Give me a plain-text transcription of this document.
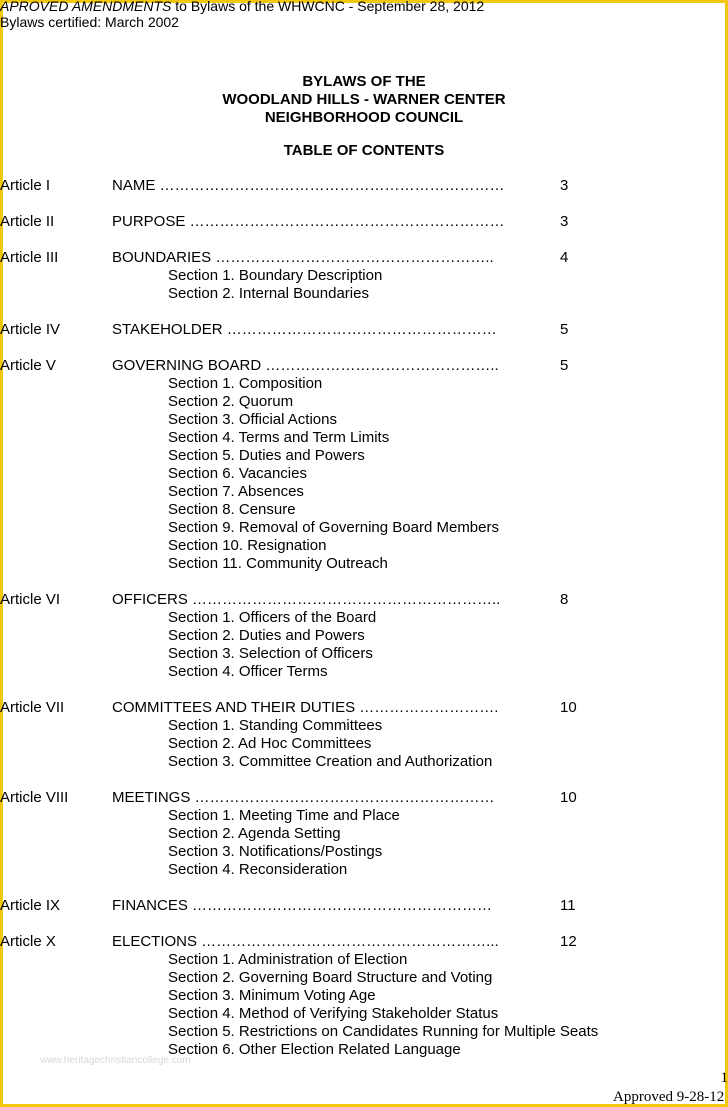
APROVED AMENDMENTS to Bylaws of the WHWCNC - September 28, 2012
Bylaws certified: March 2002
BYLAWS OF THE
WOODLAND HILLS - WARNER CENTER
NEIGHBORHOOD COUNCIL
TABLE OF CONTENTS
Article I	NAME ……………………………………………………………	3
Article II	PURPOSE ………………………………………………………	3
Article III	BOUNDARIES ………………………………………………..	4
Section 1. Boundary Description
Section 2. Internal Boundaries
Article IV	STAKEHOLDER ………………………………………………	5
Article V	GOVERNING BOARD ………………………………………..	5
Section 1. Composition
Section 2. Quorum
Section 3. Official Actions
Section 4. Terms and Term Limits
Section 5. Duties and Powers
Section 6. Vacancies
Section 7. Absences
Section 8. Censure
Section 9. Removal of Governing Board Members
Section 10. Resignation
Section 11. Community Outreach
Article VI	OFFICERS ……………………………………………………..	8
Section 1. Officers of the Board
Section 2. Duties and Powers
Section 3. Selection of Officers
Section 4. Officer Terms
Article VII	COMMITTEES AND THEIR DUTIES ……………………….	10
Section 1. Standing Committees
Section 2. Ad Hoc Committees
Section 3. Committee Creation and Authorization
Article VIII	MEETINGS ……………………………………………………	10
Section 1. Meeting Time and Place
Section 2. Agenda Setting
Section 3. Notifications/Postings
Section 4. Reconsideration
Article IX	FINANCES ……………………………………………………	11
Article X	ELECTIONS …………………………………………………...	12
Section 1. Administration of Election
Section 2. Governing Board Structure and Voting
Section 3. Minimum Voting Age
Section 4. Method of Verifying Stakeholder Status
Section 5. Restrictions on Candidates Running for Multiple Seats
Section 6. Other Election Related Language
www.heritagechristiancollege.com
1
Approved 9-28-12
